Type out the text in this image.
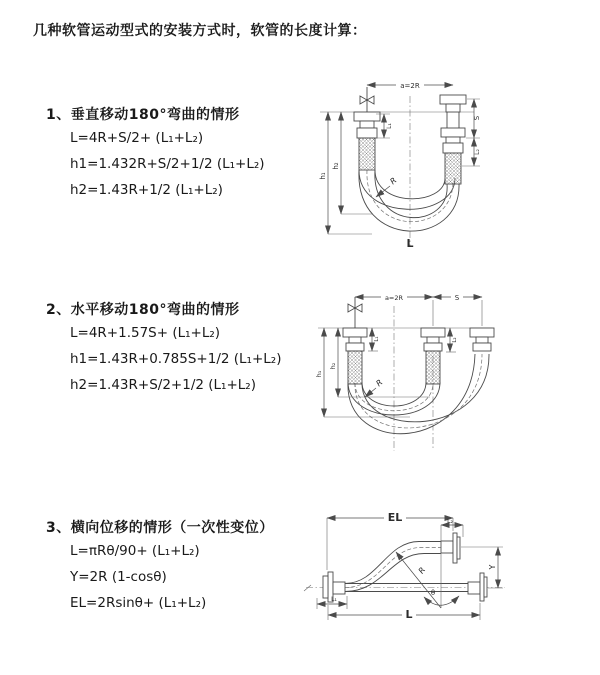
几种软管运动型式的安装方式时，软管的长度计算：
1、垂直移动180°弯曲的情形
L=4R+S/2+ (L₁+L₂)
h1=1.432R+S/2+1/2 (L₁+L₂)
h2=1.43R+1/2 (L₁+L₂)
2、水平移动180°弯曲的情形
L=4R+1.57S+ (L₁+L₂)
h1=1.43R+0.785S+1/2 (L₁+L₂)
h2=1.43R+S/2+1/2 (L₁+L₂)
3、横向位移的情形（一次性变位）
L=πRθ/90+ (L₁+L₂)
Y=2R (1-cosθ)
EL=2Rsinθ+ (L₁+L₂)
a=2R
h₁
h₂
L₁
S
L₂
R
L
a=2R	S
h₁
h₂
L₁	L₂
R
EL	L₂
Y
R
θ
L
L₁
